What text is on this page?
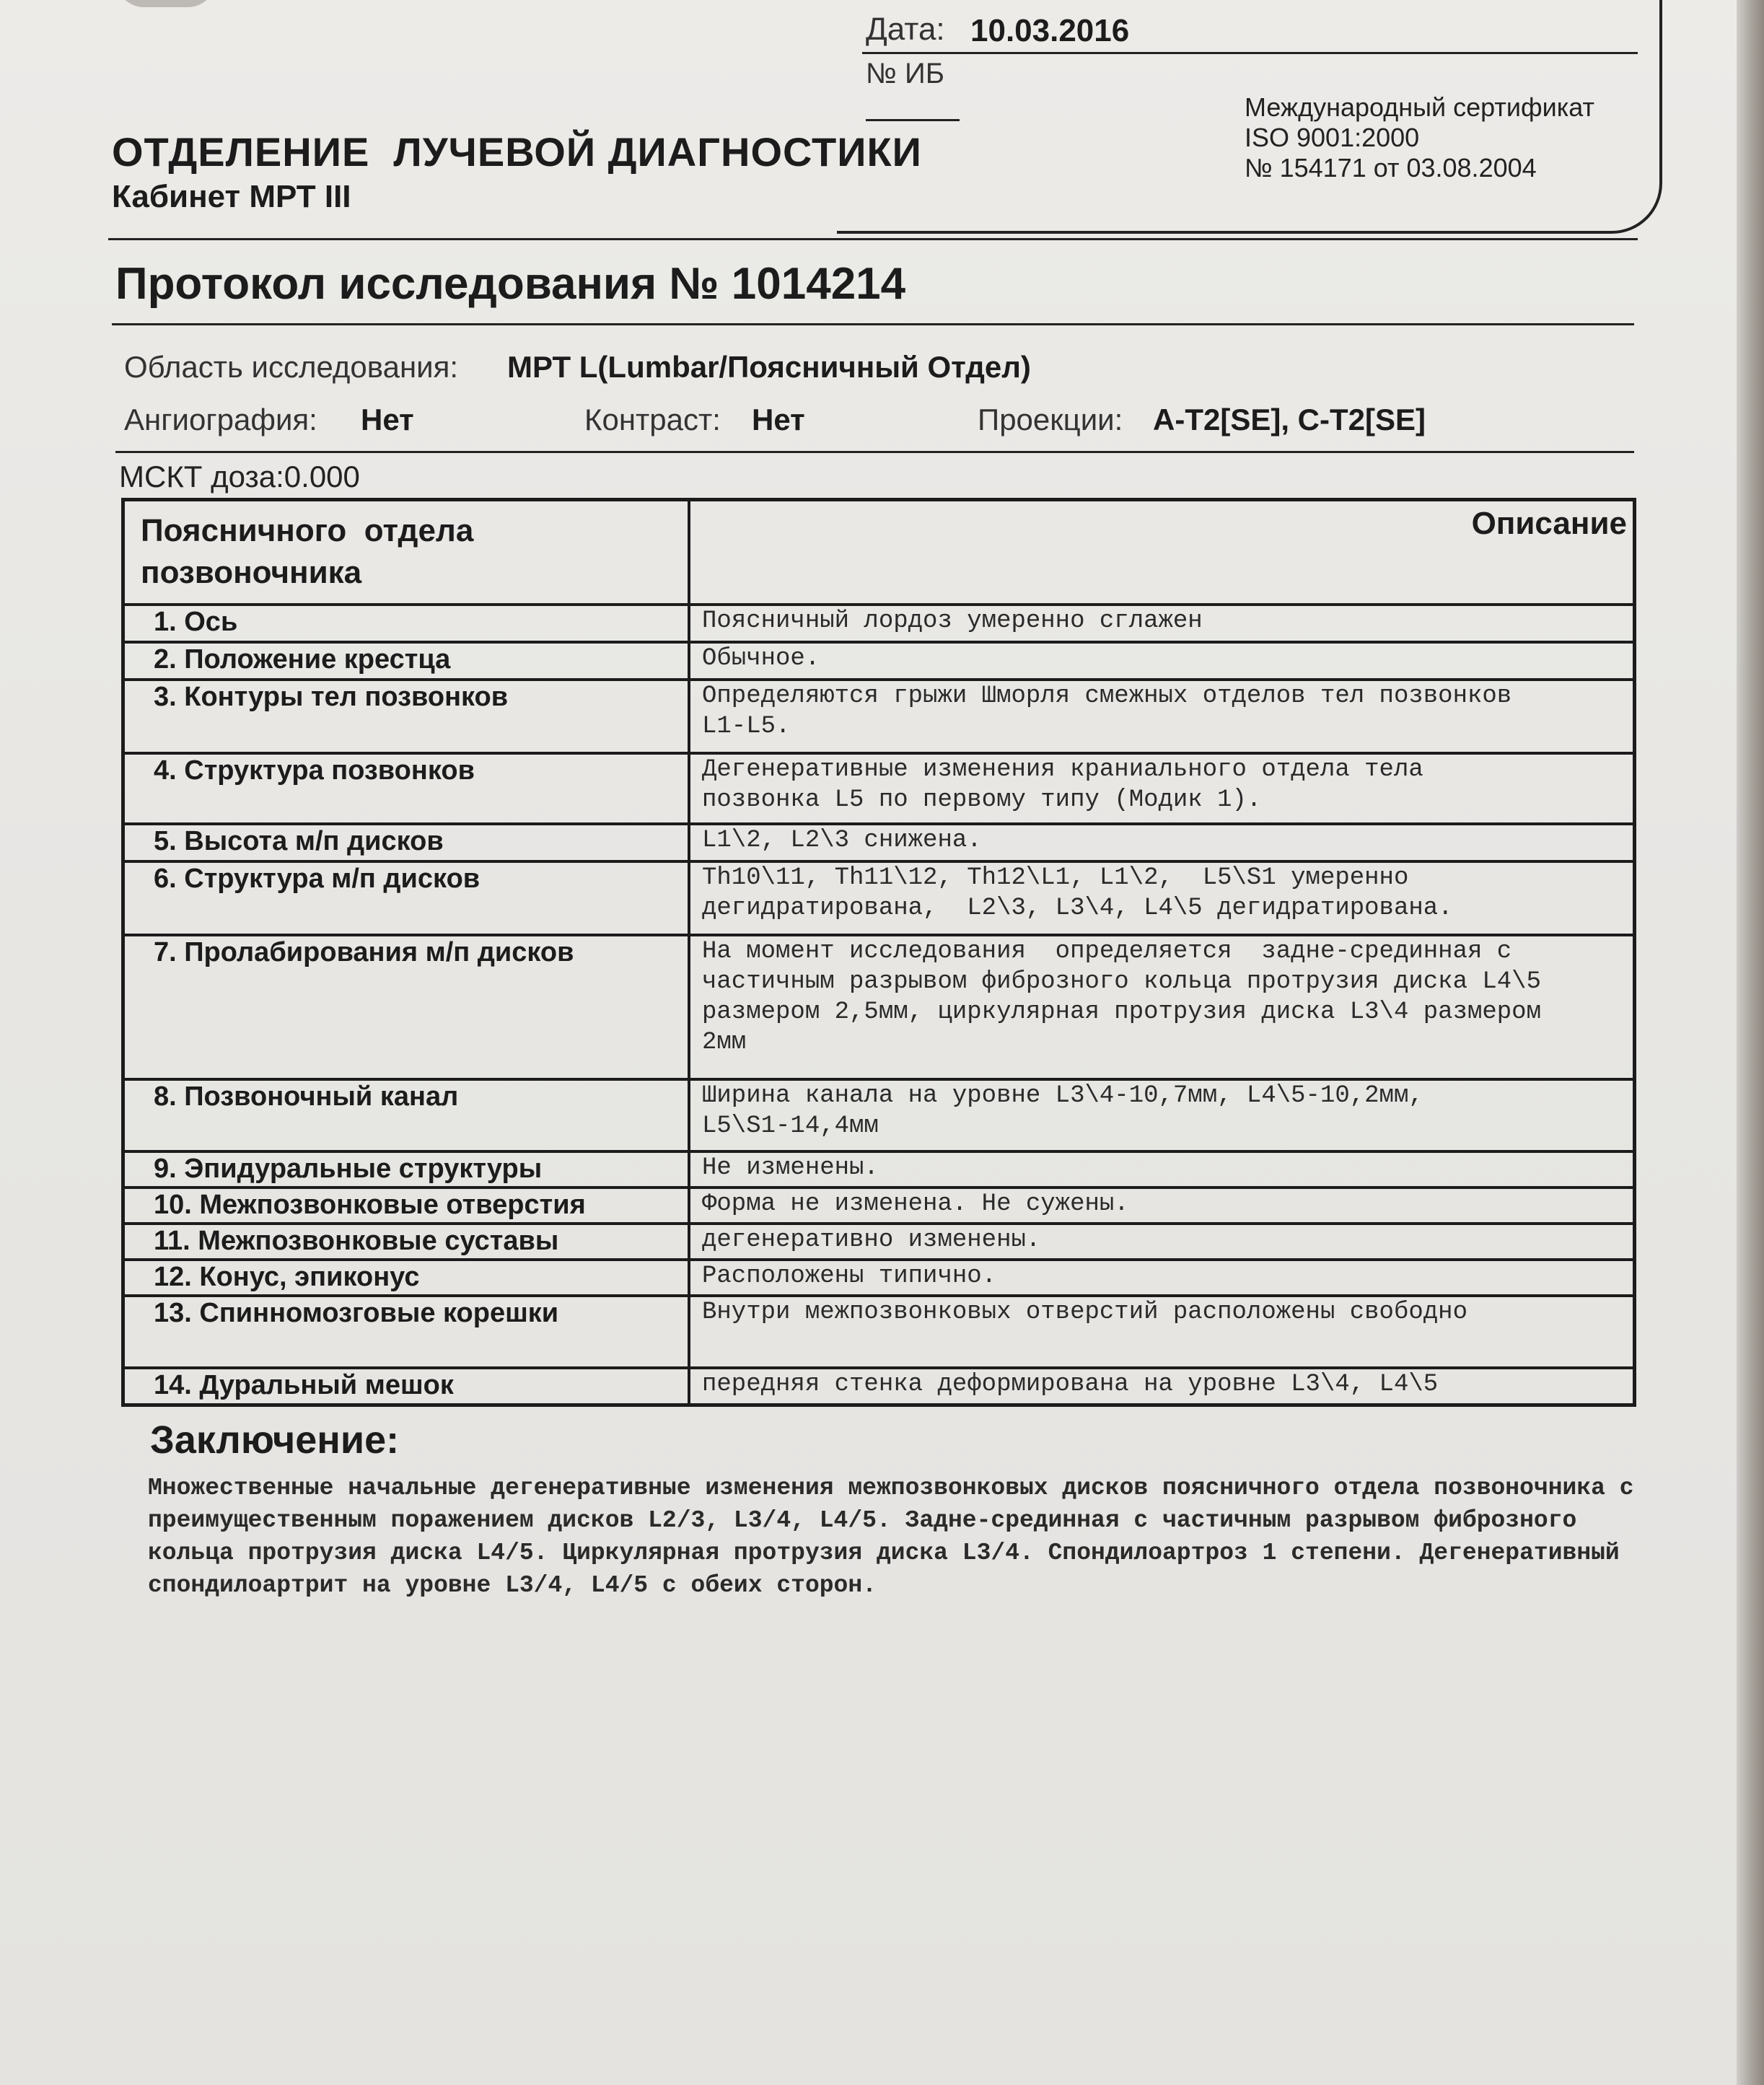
Дата: 10.03.2016
№ ИБ
Международный сертификат
ISO 9001:2000
№ 154171 от 03.08.2004
ОТДЕЛЕНИЕ  ЛУЧЕВОЙ ДИАГНОСТИКИ
Кабинет МРТ III
Протокол исследования № 1014214
Область исследования: МРТ L(Lumbar/Поясничный Отдел)
Ангиография: Нет	Контраст: Нет	Проекции: A-T2[SE], C-T2[SE]
МСКТ доза:0.000
Поясничного  отдела
позвоночника	Описание
1. Ось	Поясничный лордоз умеренно сглажен

2. Положение крестца	Обычное.

3. Контуры тел позвонков	Определяются грыжи Шморля смежных отделов тел позвонков
L1-L5.

4. Структура позвонков	Дегенеративные изменения краниального отдела тела
позвонка L5 по первому типу (Модик 1).

5. Высота м/п дисков	L1\2, L2\3 снижена.

6. Структура м/п дисков	Th10\11, Th11\12, Th12\L1, L1\2,  L5\S1 умеренно
дегидратирована,  L2\3, L3\4, L4\5 дегидратирована.

7. Пролабирования м/п дисков	На момент исследования  определяется  задне-срединная с
частичным разрывом фиброзного кольца протрузия диска L4\5
размером 2,5мм, циркулярная протрузия диска L3\4 размером
2мм

8. Позвоночный канал	Ширина канала на уровне L3\4-10,7мм, L4\5-10,2мм,
L5\S1-14,4мм

9. Эпидуральные структуры	Не изменены.

10. Межпозвонковые отверстия	Форма не изменена. Не сужены.

11. Межпозвонковые суставы	дегенеративно изменены.

12. Конус, эпиконус	Расположены типично.

13. Спинномозговые корешки	Внутри межпозвонковых отверстий расположены свободно

14. Дуральный мешок	передняя стенка деформирована на уровне L3\4, L4\5
Заключение:
Множественные начальные дегенеративные изменения межпозвонковых дисков поясничного отдела позвоночника с преимущественным поражением дисков L2/3, L3/4, L4/5. Задне-срединная с частичным разрывом фиброзного кольца протрузия диска L4/5. Циркулярная протрузия диска L3/4. Спондилоартроз 1 степени. Дегенеративный спондилоартрит на уровне L3/4, L4/5 с обеих сторон.
